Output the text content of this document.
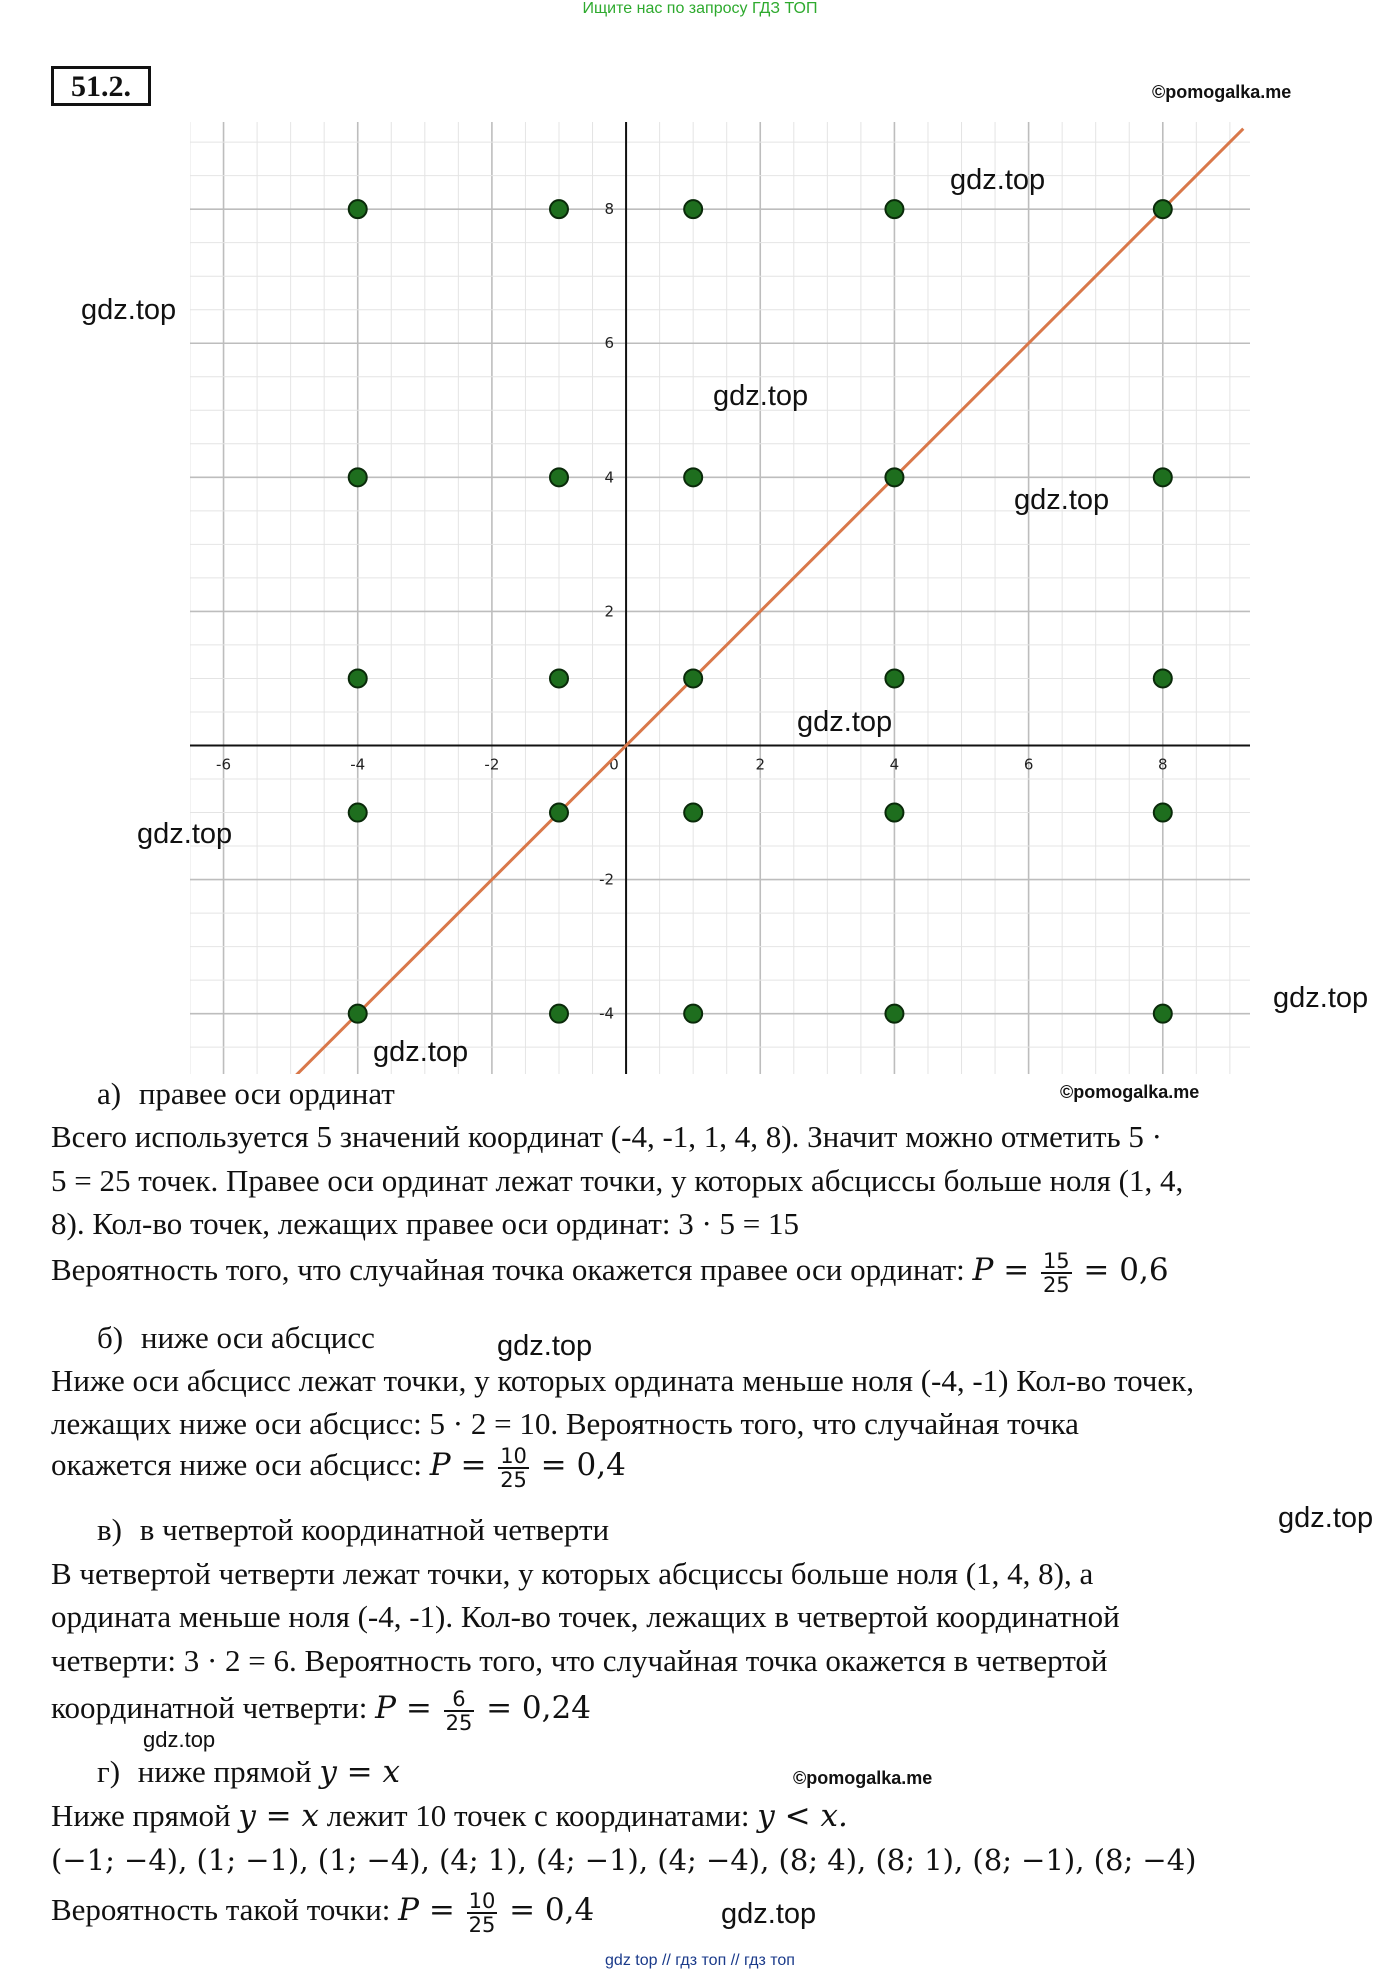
Ищите нас по запросу ГДЗ ТОП
51.2.	©pomogalka.me
-6	-4	-2	0	2	4	6	8
-4
-2
2
4
6
8
gdz.top
gdz.top
gdz.top
gdz.top
gdz.top
gdz.top
gdz.top
gdz.top
gdz.top
gdz.top
gdz.top
gdz.top
©pomogalka.me
©pomogalka.me
а) правее оси ординат
Всего используется 5 значений координат (-4, -1, 1, 4, 8). Значит можно отметить 5 ·
5 = 25 точек. Правее оси ординат лежат точки, у которых абсциссы больше ноля (1, 4,
8). Кол-во точек, лежащих правее оси ординат: 3 · 5 = 15
Вероятность того, что случайная точка окажется правее оси ординат: $P = \frac{15}{25} = 0,6$
б) ниже оси абсцисс
Ниже оси абсцисс лежат точки, у которых ордината меньше ноля (-4, -1) Кол-во точек,
лежащих ниже оси абсцисс: 5 · 2 = 10. Вероятность того, что случайная точка
окажется ниже оси абсцисс: $P = \frac{10}{25} = 0,4$
в) в четвертой координатной четверти
В четвертой четверти лежат точки, у которых абсциссы больше ноля (1, 4, 8), а
ордината меньше ноля (-4, -1). Кол-во точек, лежащих в четвертой координатной
четверти: 3 · 2 = 6. Вероятность того, что случайная точка окажется в четвертой
координатной четверти: $P = \frac{6}{25} = 0,24$
г) ниже прямой y = x
Ниже прямой y = x лежит 10 точек с координатами: y < x.
(−1; −4), (1; −1), (1; −4), (4; 1), (4; −1), (4; −4), (8; 4), (8; 1), (8; −1), (8; −4)
Вероятность такой точки: $P = \frac{10}{25} = 0,4$
gdz top // гдз топ // гдз топ
